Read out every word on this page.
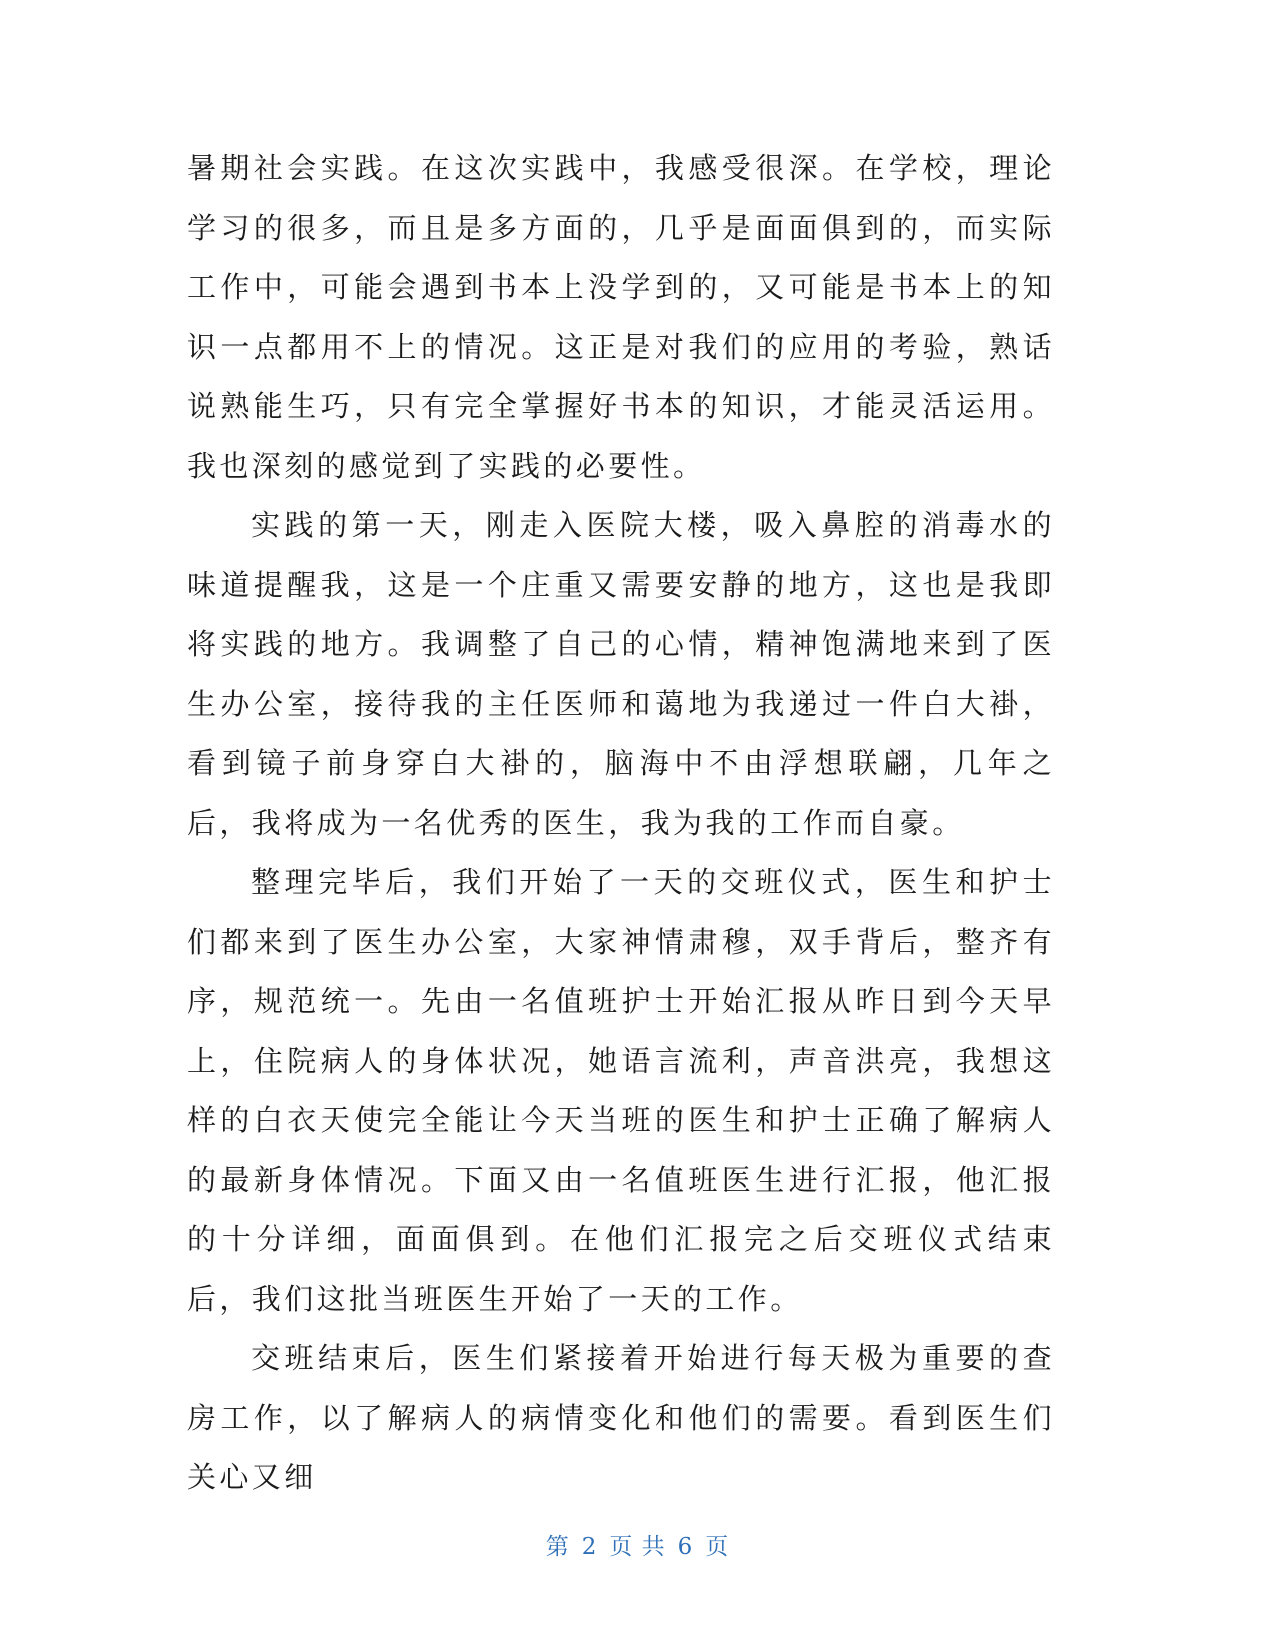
暑期社会实践。在这次实践中，我感受很深。在学校，理论学习的很多，而且是多方面的，几乎是面面俱到的，而实际工作中，可能会遇到书本上没学到的，又可能是书本上的知识一点都用不上的情况。这正是对我们的应用的考验，熟话说熟能生巧，只有完全掌握好书本的知识，才能灵活运用。我也深刻的感觉到了实践的必要性。

实践的第一天，刚走入医院大楼，吸入鼻腔的消毒水的味道提醒我，这是一个庄重又需要安静的地方，这也是我即将实践的地方。我调整了自己的心情，精神饱满地来到了医生办公室，接待我的主任医师和蔼地为我递过一件白大褂，看到镜子前身穿白大褂的，脑海中不由浮想联翩，几年之后，我将成为一名优秀的医生，我为我的工作而自豪。

整理完毕后，我们开始了一天的交班仪式，医生和护士们都来到了医生办公室，大家神情肃穆，双手背后，整齐有序，规范统一。先由一名值班护士开始汇报从昨日到今天早上，住院病人的身体状况，她语言流利，声音洪亮，我想这样的白衣天使完全能让今天当班的医生和护士正确了解病人的最新身体情况。下面又由一名值班医生进行汇报，他汇报的十分详细，面面俱到。在他们汇报完之后交班仪式结束后，我们这批当班医生开始了一天的工作。

交班结束后，医生们紧接着开始进行每天极为重要的查房工作，以了解病人的病情变化和他们的需要。看到医生们关心又细

第 2 页 共 6 页
